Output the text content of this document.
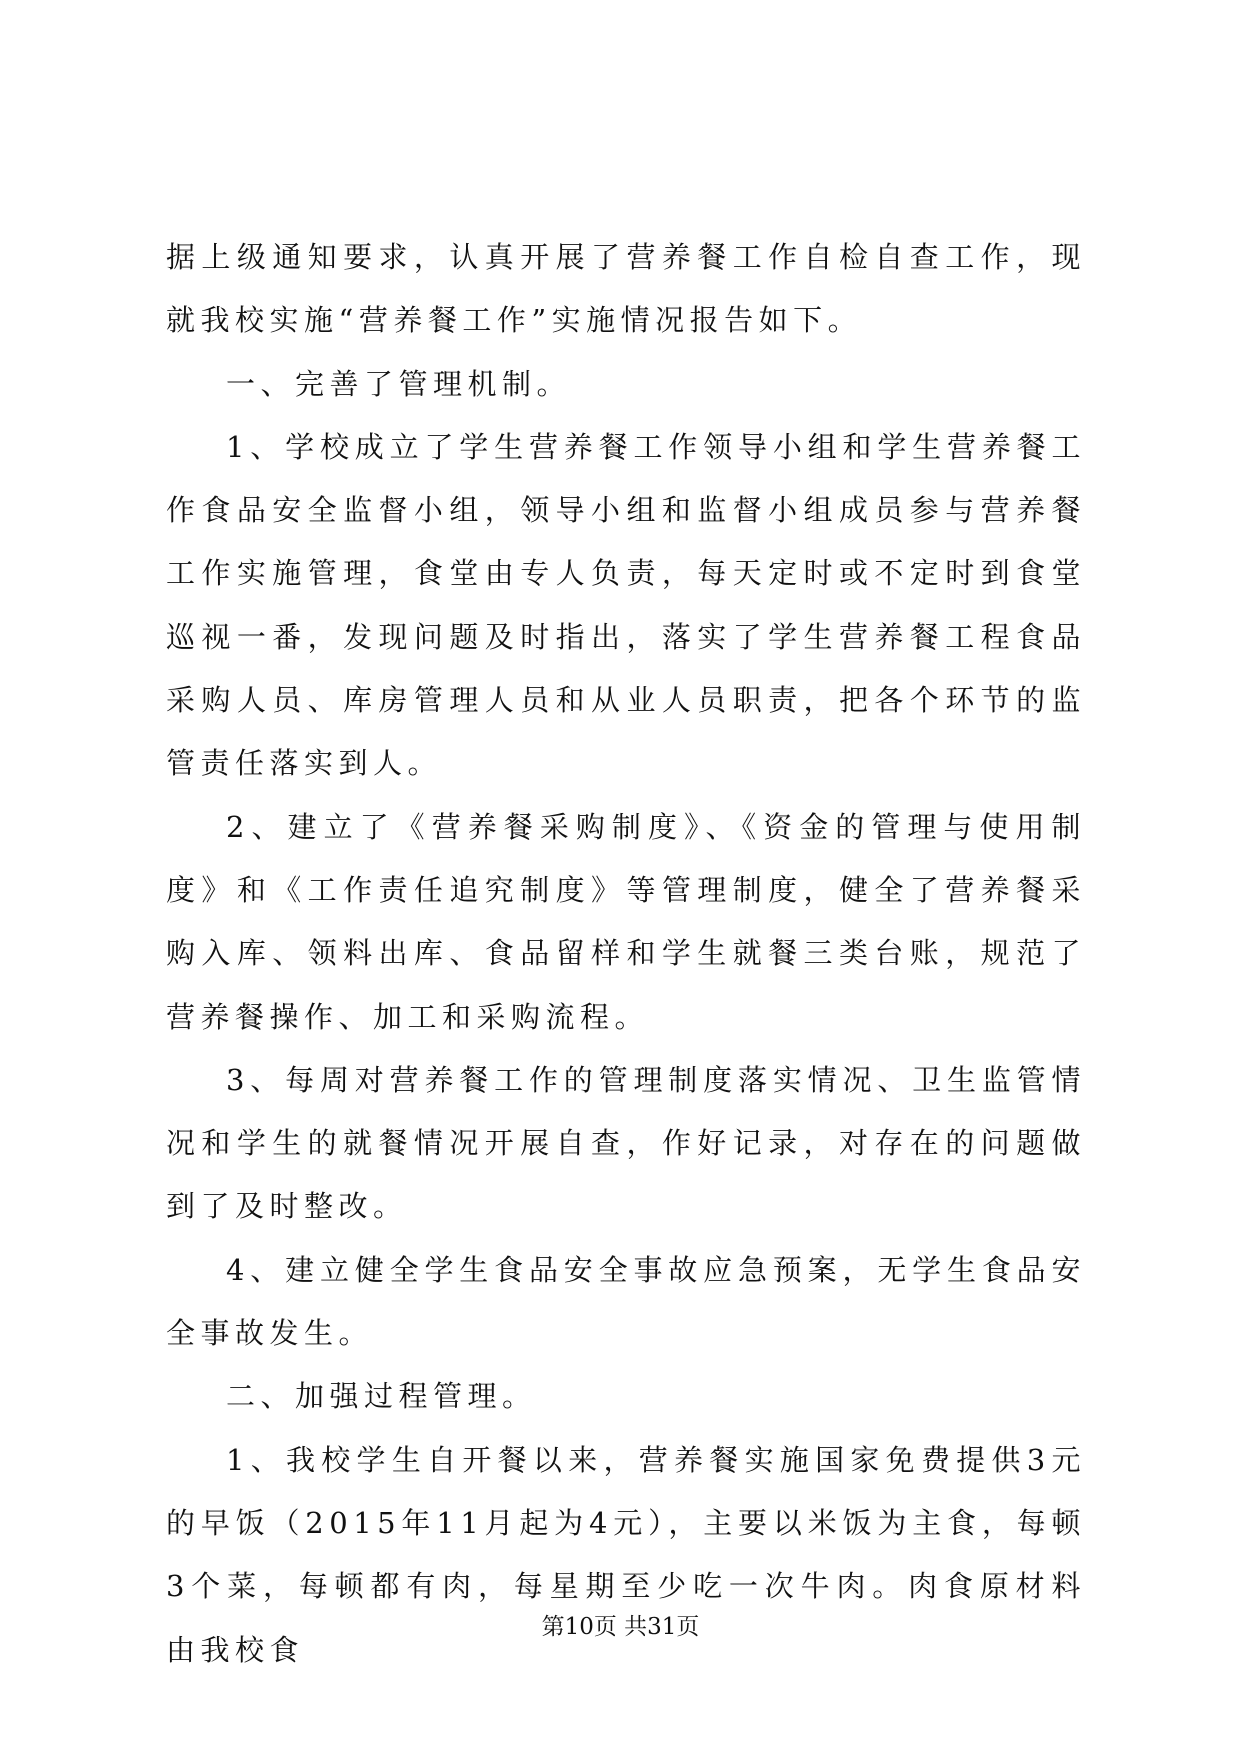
据上级通知要求，认真开展了营养餐工作自检自查工作，现就我校实施“营养餐工作”实施情况报告如下。

一、完善了管理机制。

1、学校成立了学生营养餐工作领导小组和学生营养餐工作食品安全监督小组，领导小组和监督小组成员参与营养餐工作实施管理，食堂由专人负责，每天定时或不定时到食堂巡视一番，发现问题及时指出，落实了学生营养餐工程食品采购人员、库房管理人员和从业人员职责，把各个环节的监管责任落实到人。

2、建立了《营养餐采购制度》、《资金的管理与使用制度》和《工作责任追究制度》等管理制度，健全了营养餐采购入库、领料出库、食品留样和学生就餐三类台账，规范了营养餐操作、加工和采购流程。

3、每周对营养餐工作的管理制度落实情况、卫生监管情况和学生的就餐情况开展自查，作好记录，对存在的问题做到了及时整改。

4、建立健全学生食品安全事故应急预案，无学生食品安全事故发生。

二、加强过程管理。

1、我校学生自开餐以来，营养餐实施国家免费提供3元的早饭（2015年11月起为4元），主要以米饭为主食，每顿3个菜，每顿都有肉，每星期至少吃一次牛肉。肉食原材料由我校食

第10页 共31页
